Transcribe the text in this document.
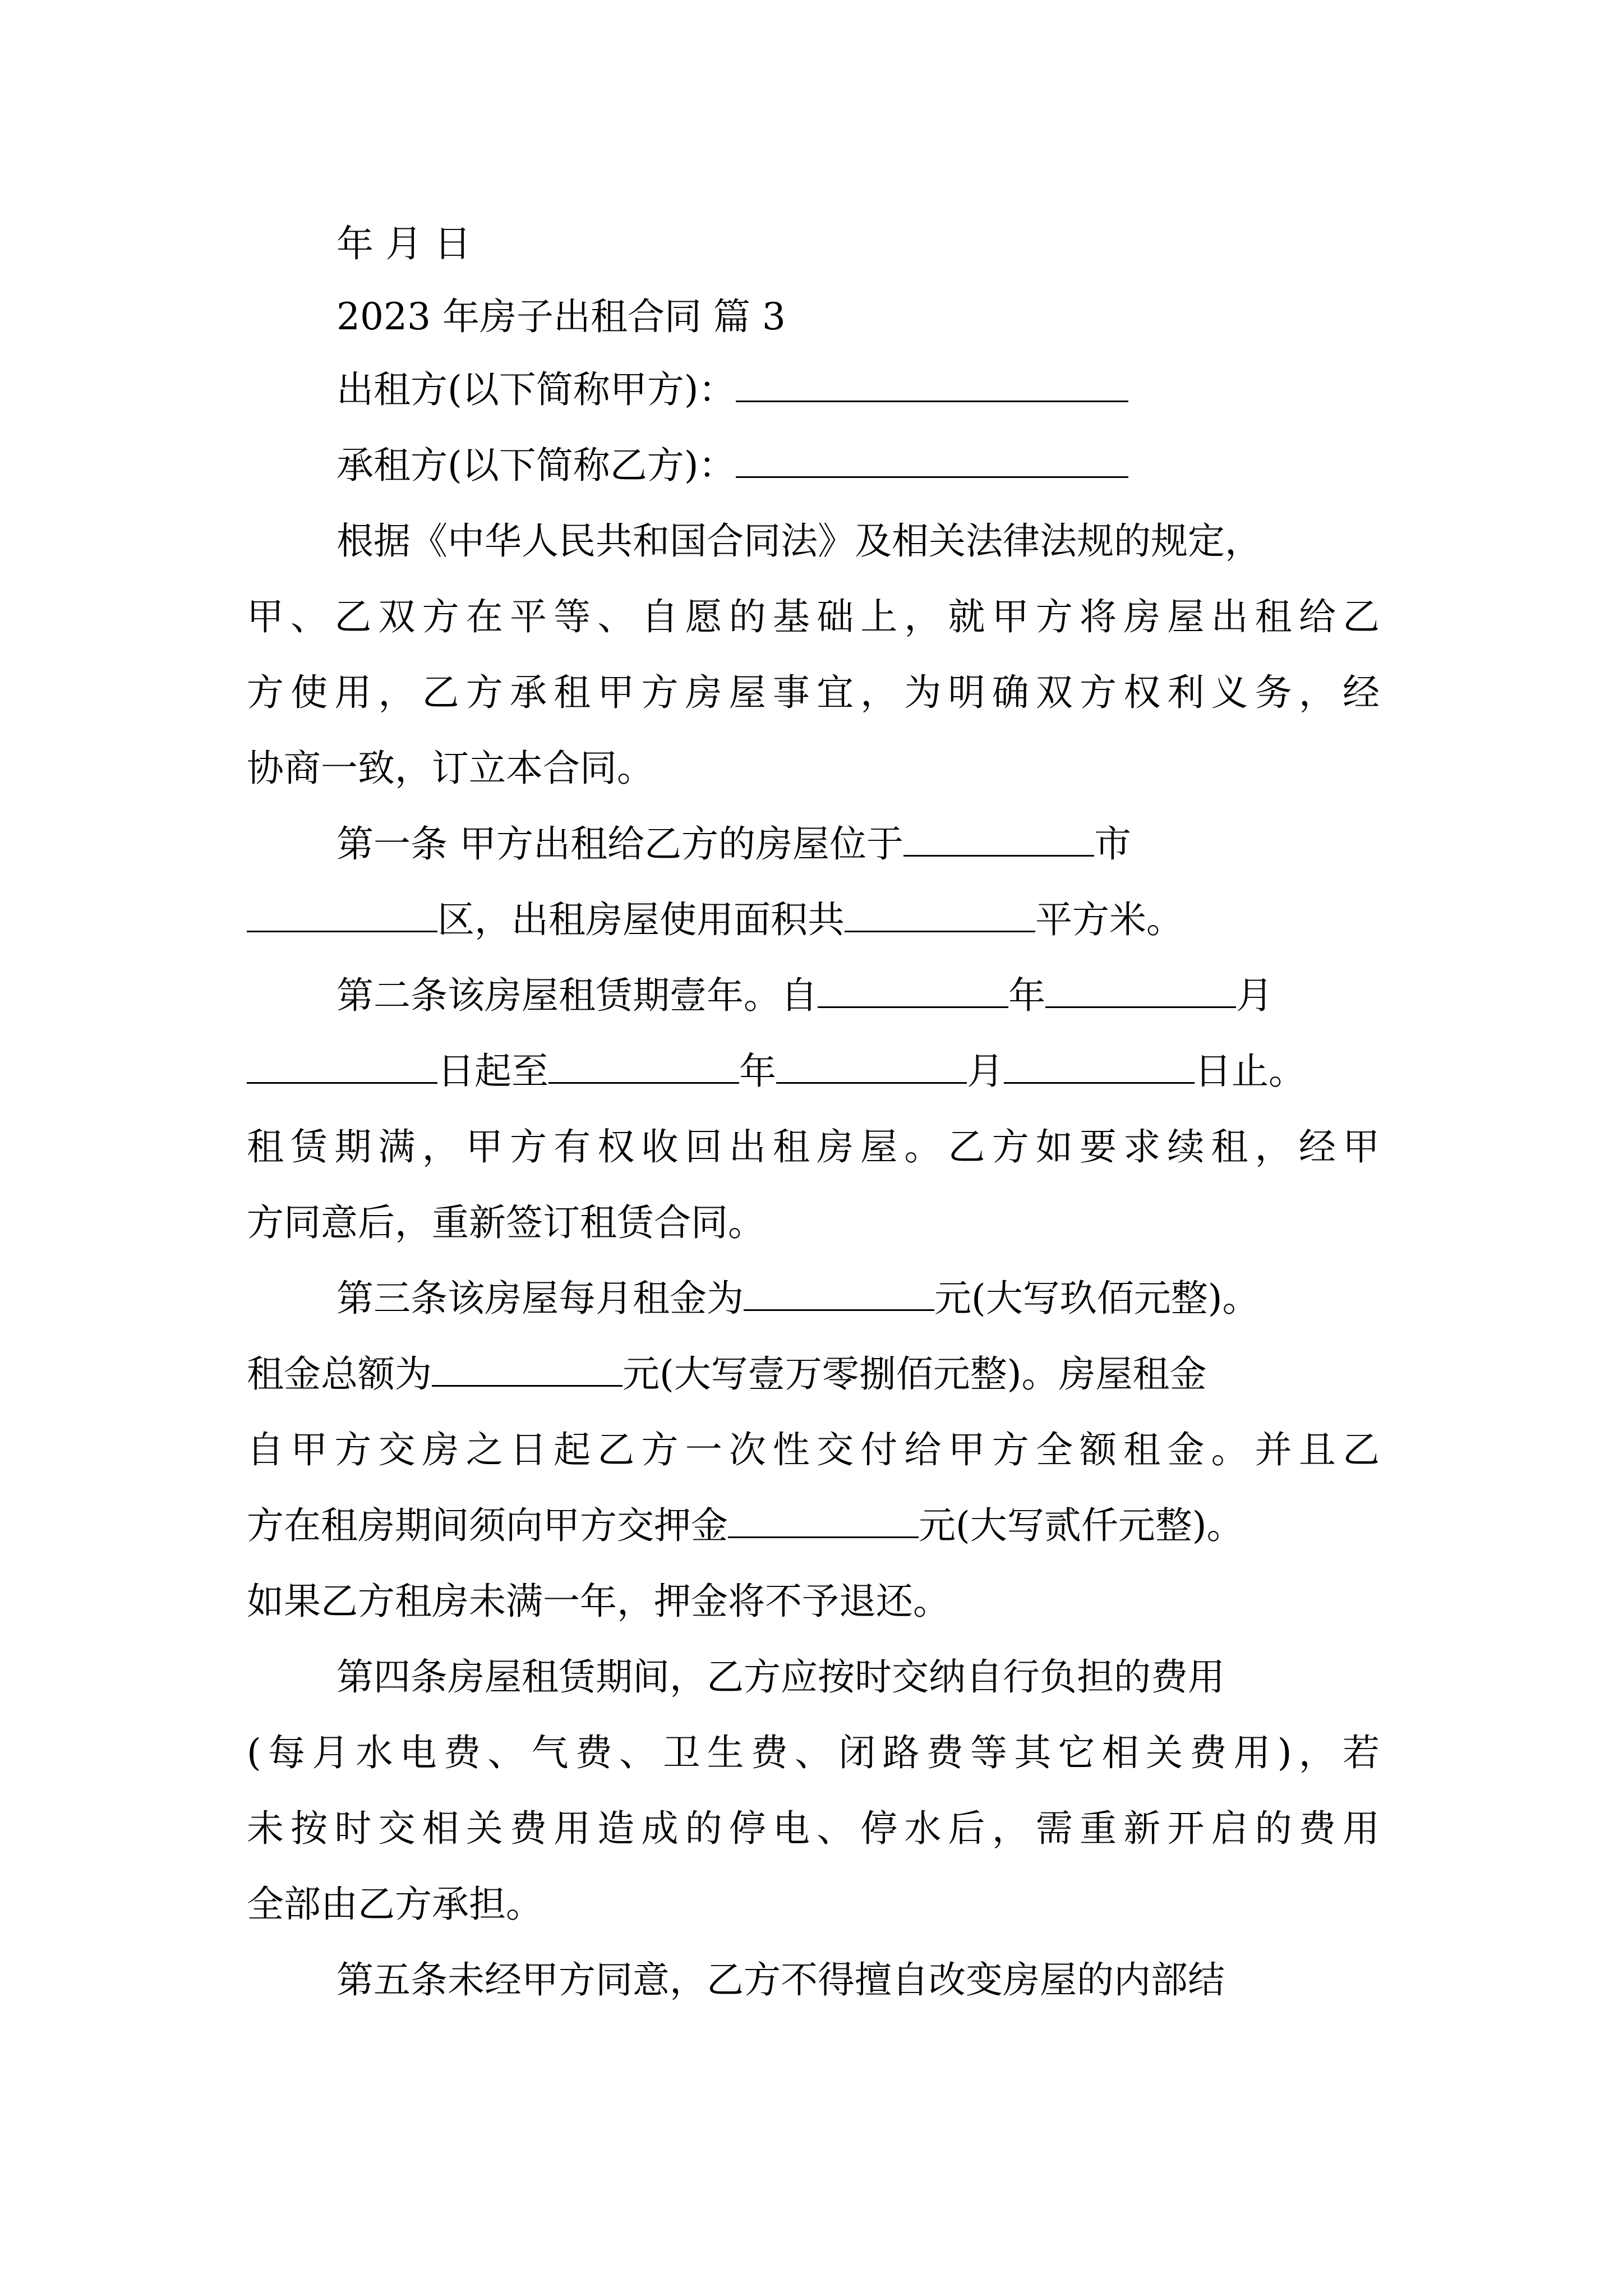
年 月 日
2023 年房子出租合同 篇 3
出租方(以下简称甲方)：
承租方(以下简称乙方)：
根据《中华人民共和国合同法》及相关法律法规的规定，
甲、乙双方在平等、自愿的基础上，就甲方将房屋出租给乙
方使用，乙方承租甲方房屋事宜，为明确双方权利义务，经
协商一致，订立本合同。
第一条 甲方出租给乙方的房屋位于	市
区，出租房屋使用面积共	平方米。
第二条该房屋租赁期壹年。自	年	月
日起至	年	月	日止。
租赁期满，甲方有权收回出租房屋。乙方如要求续租，经甲
方同意后，重新签订租赁合同。
第三条该房屋每月租金为	元(大写玖佰元整)。
租金总额为	元(大写壹万零捌佰元整)。房屋租金
自甲方交房之日起乙方一次性交付给甲方全额租金。并且乙
方在租房期间须向甲方交押金	元(大写贰仟元整)。
如果乙方租房未满一年，押金将不予退还。
第四条房屋租赁期间，乙方应按时交纳自行负担的费用
(每月水电费、气费、卫生费、闭路费等其它相关费用)，若
未按时交相关费用造成的停电、停水后，需重新开启的费用
全部由乙方承担。
第五条未经甲方同意，乙方不得擅自改变房屋的内部结
